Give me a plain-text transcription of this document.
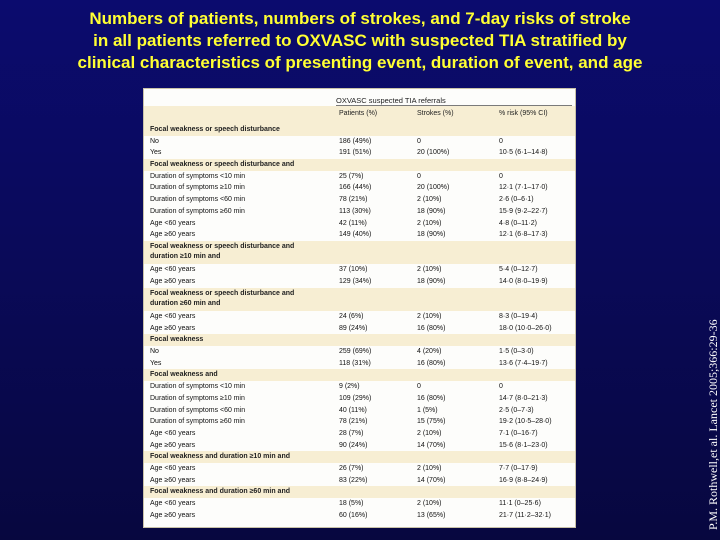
Numbers of patients, numbers of strokes, and 7-day risks of stroke
in all patients referred to OXVASC with suspected TIA stratified by
clinical characteristics of presenting event, duration of event, and age
P.M. Rothwell,et al. Lancet 2005;366:29-36
OXVASC suspected TIA referrals
Patients (%)	Strokes (%)	% risk (95% CI)
Focal weakness or speech disturbance
No	186 (49%)	0	0
Yes	191 (51%)	20 (100%)	10·5 (6·1–14·8)
Focal weakness or speech disturbance and
Duration of symptoms <10 min	25 (7%)	0	0
Duration of symptoms ≥10 min	166 (44%)	20 (100%)	12·1 (7·1–17·0)
Duration of symptoms <60 min	78 (21%)	2 (10%)	2·6 (0–6·1)
Duration of symptoms ≥60 min	113 (30%)	18 (90%)	15·9 (9·2–22·7)
Age <60 years	42 (11%)	2 (10%)	4·8 (0–11·2)
Age ≥60 years	149 (40%)	18 (90%)	12·1 (6·8–17·3)
Focal weakness or speech disturbance and duration ≥10 min and
Age <60 years	37 (10%)	2 (10%)	5·4 (0–12·7)
Age ≥60 years	129 (34%)	18 (90%)	14·0 (8·0–19·9)
Focal weakness or speech disturbance and duration ≥60 min and
Age <60 years	24 (6%)	2 (10%)	8·3 (0–19·4)
Age ≥60 years	89 (24%)	16 (80%)	18·0 (10·0–26·0)
Focal weakness
No	259 (69%)	4 (20%)	1·5 (0–3·0)
Yes	118 (31%)	16 (80%)	13·6 (7·4–19·7)
Focal weakness and
Duration of symptoms <10 min	9 (2%)	0	0
Duration of symptoms ≥10 min	109 (29%)	16 (80%)	14·7 (8·0–21·3)
Duration of symptoms <60 min	40 (11%)	1 (5%)	2·5 (0–7·3)
Duration of symptoms ≥60 min	78 (21%)	15 (75%)	19·2 (10·5–28·0)
Age <60 years	28 (7%)	2 (10%)	7·1 (0–16·7)
Age ≥60 years	90 (24%)	14 (70%)	15·6 (8·1–23·0)
Focal weakness and duration ≥10 min and
Age <60 years	26 (7%)	2 (10%)	7·7 (0–17·9)
Age ≥60 years	83 (22%)	14 (70%)	16·9 (8·8–24·9)
Focal weakness and duration ≥60 min and
Age <60 years	18 (5%)	2 (10%)	11·1 (0–25·6)
Age ≥60 years	60 (16%)	13 (65%)	21·7 (11·2–32·1)
